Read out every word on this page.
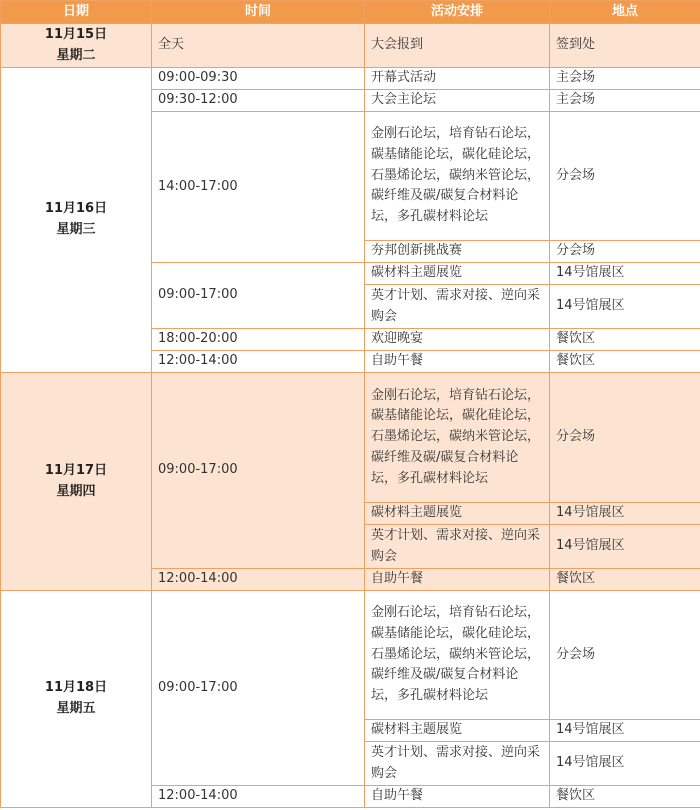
日期	时间	活动安排	地点

11月15日
星期二	全天	大会报到	签到处

11月16日
星期三	09:00-09:30	开幕式活动	主会场
	09:30-12:00	大会主论坛	主会场
	14:00-17:00	金刚石论坛，培育钻石论坛，碳基储能论坛，碳化硅论坛，石墨烯论坛，碳纳米管论坛，碳纤维及碳/碳复合材料论坛，多孔碳材料论坛	分会场
		夯邦创新挑战赛	分会场
	09:00-17:00	碳材料主题展览	14号馆展区
		英才计划、需求对接、逆向采购会	14号馆展区
	18:00-20:00	欢迎晚宴	餐饮区
	12:00-14:00	自助午餐	餐饮区

11月17日
星期四	09:00-17:00	金刚石论坛，培育钻石论坛，碳基储能论坛，碳化硅论坛，石墨烯论坛，碳纳米管论坛，碳纤维及碳/碳复合材料论坛，多孔碳材料论坛	分会场
		碳材料主题展览	14号馆展区
		英才计划、需求对接、逆向采购会	14号馆展区
	12:00-14:00	自助午餐	餐饮区

11月18日
星期五	09:00-17:00	金刚石论坛，培育钻石论坛，碳基储能论坛，碳化硅论坛，石墨烯论坛，碳纳米管论坛，碳纤维及碳/碳复合材料论坛，多孔碳材料论坛	分会场
		碳材料主题展览	14号馆展区
		英才计划、需求对接、逆向采购会	14号馆展区
	12:00-14:00	自助午餐	餐饮区
